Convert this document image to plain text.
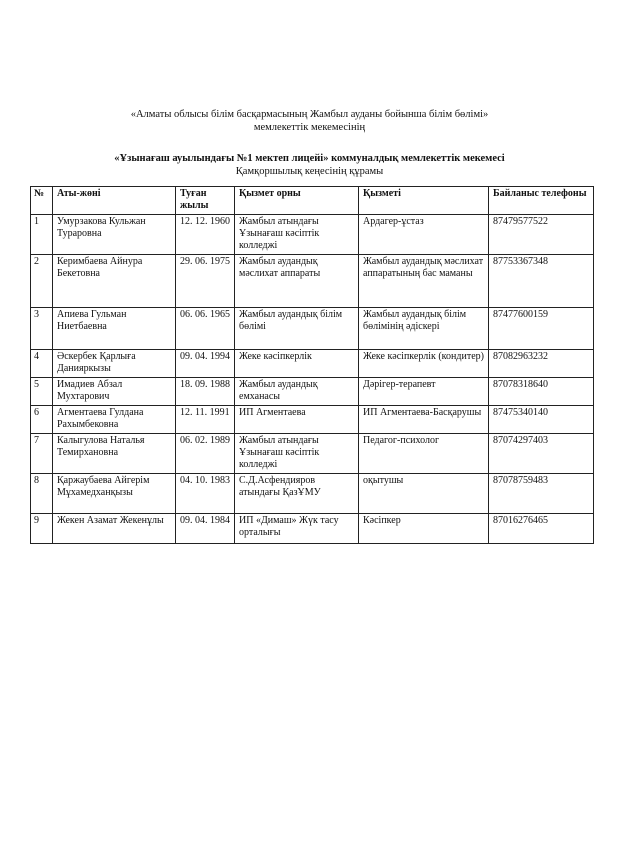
«Алматы облысы білім басқармасының Жамбыл ауданы бойынша білім бөлімі»
мемлекеттік мекемесінің
«Ұзынағаш ауылындағы №1 мектеп лицейі» коммуналдық мемлекеттік мекемесі
Қамқоршылық кеңесінің құрамы
№	Аты-жөні	Туған жылы	Қызмет орны	Қызметі	Байланыс телефоны
1	Умурзакова Кульжан Тураровна	12. 12. 1960	Жамбыл атындағы Ұзынағаш кәсіптік колледжі	Ардагер-ұстаз	87479577522
2	Керимбаева Айнура Бекетовна	29. 06. 1975	Жамбыл аудандық мәслихат аппараты	Жамбыл аудандық мәслихат аппаратының бас маманы	87753367348
3	Апиева Гульман Ниетбаевна	06. 06. 1965	Жамбыл аудандық білім бөлімі	Жамбыл аудандық білім бөлімінің әдіскері	87477600159
4	Әскербек Қарлыға Данияркызы	09. 04. 1994	Жеке кәсіпкерлік	Жеке кәсіпкерлік (кондитер)	87082963232
5	Имадиев Абзал Мухтарович	18. 09. 1988	Жамбыл аудандық емханасы	Дәрігер-терапевт	87078318640
6	Агментаева Гулдана Рахымбековна	12. 11. 1991	ИП Агментаева	ИП Агментаева-Басқарушы	87475340140
7	Калыгулова Наталья Темирхановна	06. 02. 1989	Жамбыл атындағы Ұзынағаш кәсіптік колледжі	Педагог-психолог	87074297403
8	Қаржаубаева Айгерім Мұхамедханқызы	04. 10. 1983	С.Д.Асфендияров атындағы ҚазҰМУ	оқытушы	87078759483
9	Жекен Азамат Жекенұлы	09. 04. 1984	ИП «Димаш» Жүк тасу орталығы	Кәсіпкер	87016276465
